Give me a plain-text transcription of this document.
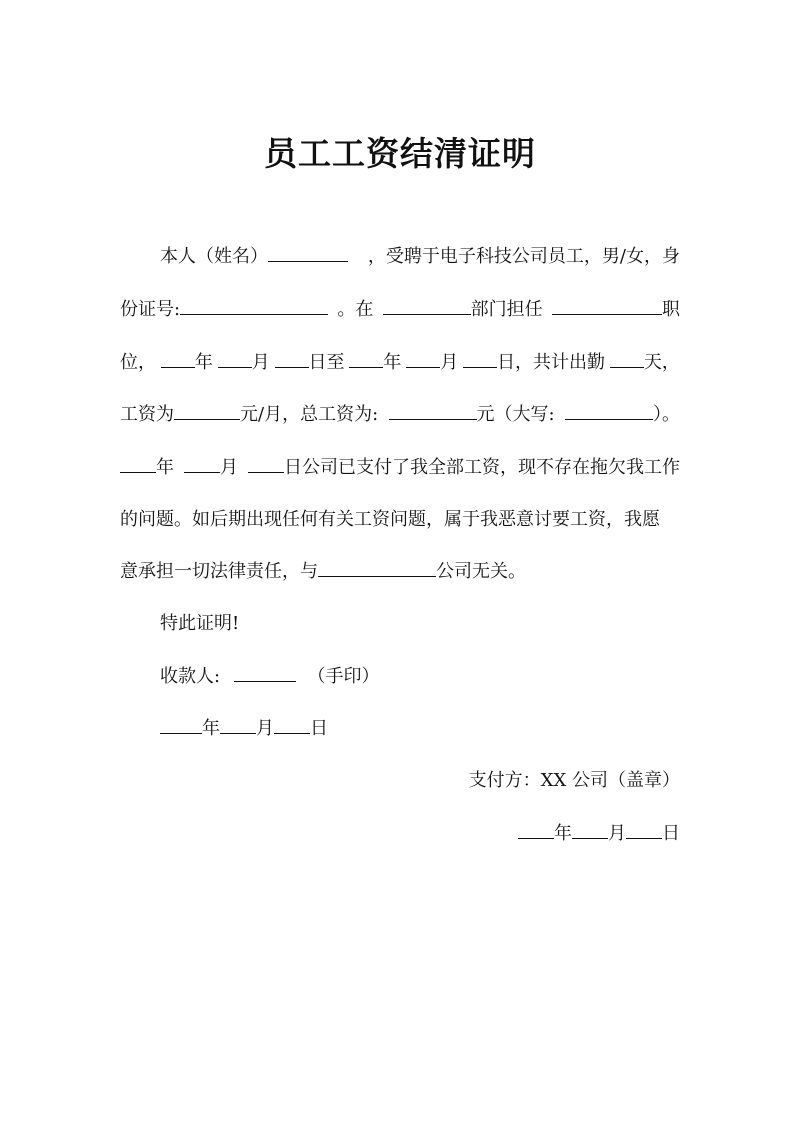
员工工资结清证明
本人（姓名）	，受聘于电子科技公司员工，男/女，身
份证号:	。在	部门担任	职
位，	年	月	日至	年	月	日，共计出勤	天，
工资为	元/月，总工资为:	元（大写:	）。
年	月	日公司已支付了我全部工资，现不存在拖欠我工作
的问题。如后期出现任何有关工资问题，属于我恶意讨要工资，我愿
意承担一切法律责任，与	公司无关。
特此证明!
收款人:	（手印）
年 月 日
支付方：XX 公司（盖章）
年 月 日
